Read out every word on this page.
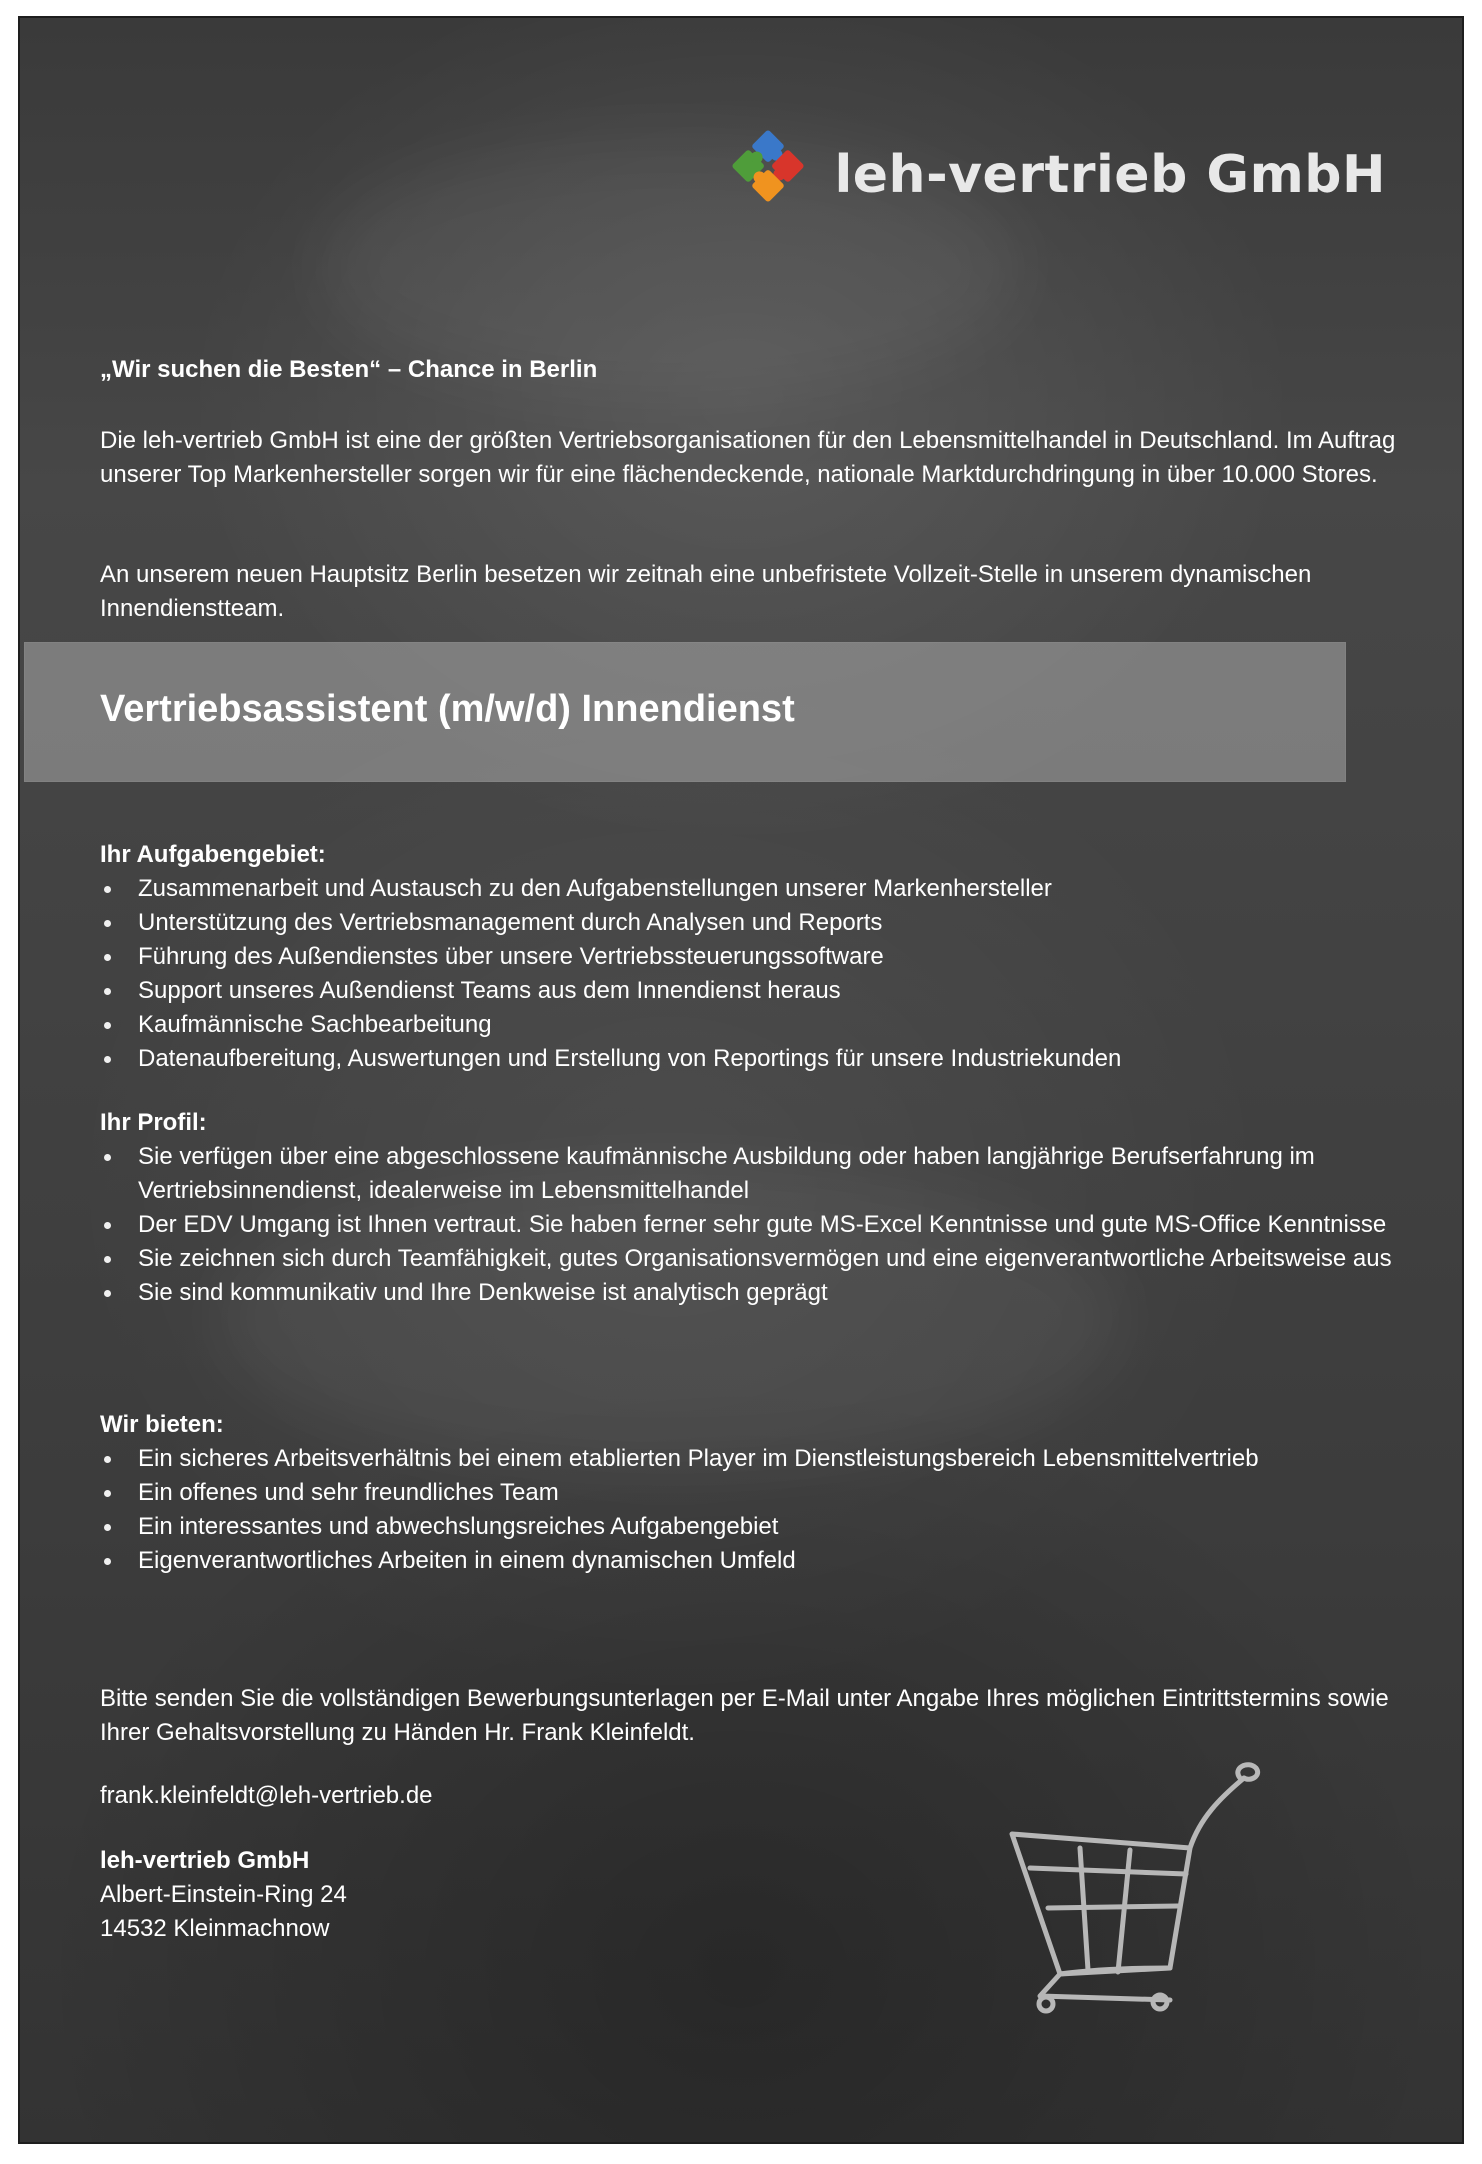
leh-vertrieb GmbH
„Wir suchen die Besten“ – Chance in Berlin
Die leh-vertrieb GmbH ist eine der größten Vertriebsorganisationen für den Lebensmittelhandel in Deutschland. Im Auftrag unserer Top Markenhersteller sorgen wir für eine flächendeckende, nationale Marktdurchdringung in über 10.000 Stores.
An unserem neuen Hauptsitz Berlin besetzen wir zeitnah eine unbefristete Vollzeit-Stelle in unserem dynamischen Innendienstteam.
Vertriebsassistent (m/w/d) Innendienst
Ihr Aufgabengebiet:
Zusammenarbeit und Austausch zu den Aufgabenstellungen unserer Markenhersteller
Unterstützung des Vertriebsmanagement durch Analysen und Reports
Führung des Außendienstes über unsere Vertriebssteuerungssoftware
Support unseres Außendienst Teams aus dem Innendienst heraus
Kaufmännische Sachbearbeitung
Datenaufbereitung, Auswertungen und Erstellung von Reportings für unsere Industriekunden
Ihr Profil:
Sie verfügen über eine abgeschlossene kaufmännische Ausbildung oder haben langjährige Berufserfahrung im Vertriebsinnendienst, idealerweise im Lebensmittelhandel
Der EDV Umgang ist Ihnen vertraut. Sie haben ferner sehr gute MS-Excel Kenntnisse und gute MS-Office Kenntnisse
Sie zeichnen sich durch Teamfähigkeit, gutes Organisationsvermögen und eine eigenverantwortliche Arbeitsweise aus
Sie sind kommunikativ und Ihre Denkweise ist analytisch geprägt
Wir bieten:
Ein sicheres Arbeitsverhältnis bei einem etablierten Player im Dienstleistungsbereich Lebensmittelvertrieb
Ein offenes und sehr freundliches Team
Ein interessantes und abwechslungsreiches Aufgabengebiet
Eigenverantwortliches Arbeiten in einem dynamischen Umfeld
Bitte senden Sie die vollständigen Bewerbungsunterlagen per E-Mail unter Angabe Ihres möglichen Eintrittstermins sowie Ihrer Gehaltsvorstellung zu Händen Hr. Frank Kleinfeldt.
frank.kleinfeldt@leh-vertrieb.de
leh-vertrieb GmbH
Albert-Einstein-Ring 24
14532 Kleinmachnow
